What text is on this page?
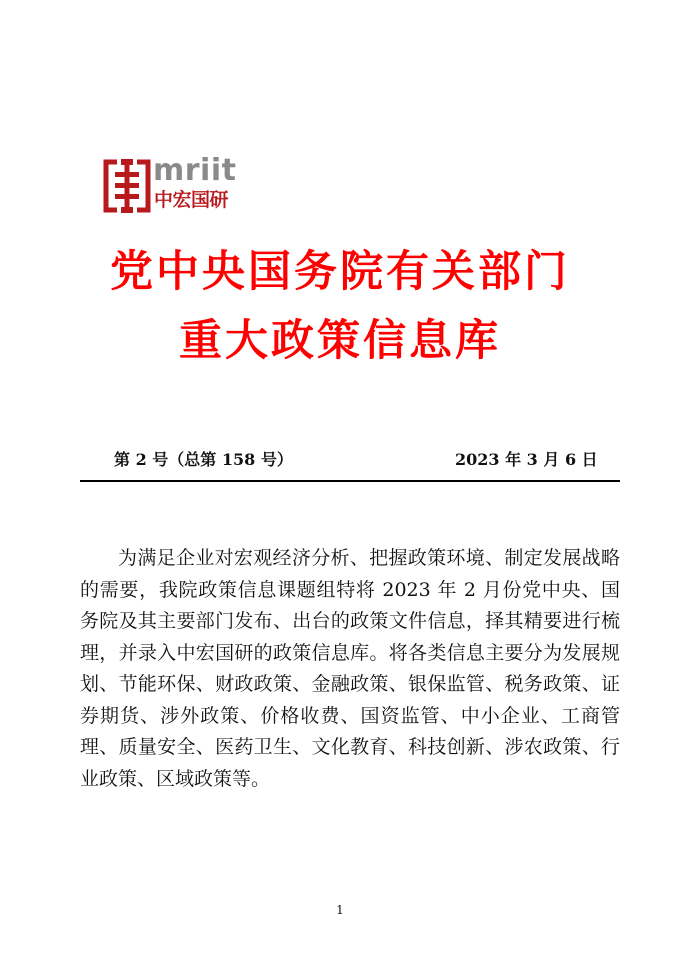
mriit
中宏国研
党中央国务院有关部门
重大政策信息库
第 2 号（总第 158 号）	2023 年 3 月 6 日

为满足企业对宏观经济分析、把握政策环境、制定发展战略的需要，我院政策信息课题组特将 2023 年 2 月份党中央、国务院及其主要部门发布、出台的政策文件信息，择其精要进行梳理，并录入中宏国研的政策信息库。将各类信息主要分为发展规划、节能环保、财政政策、金融政策、银保监管、税务政策、证券期货、涉外政策、价格收费、国资监管、中小企业、工商管理、质量安全、医药卫生、文化教育、科技创新、涉农政策、行业政策、区域政策等。

1
